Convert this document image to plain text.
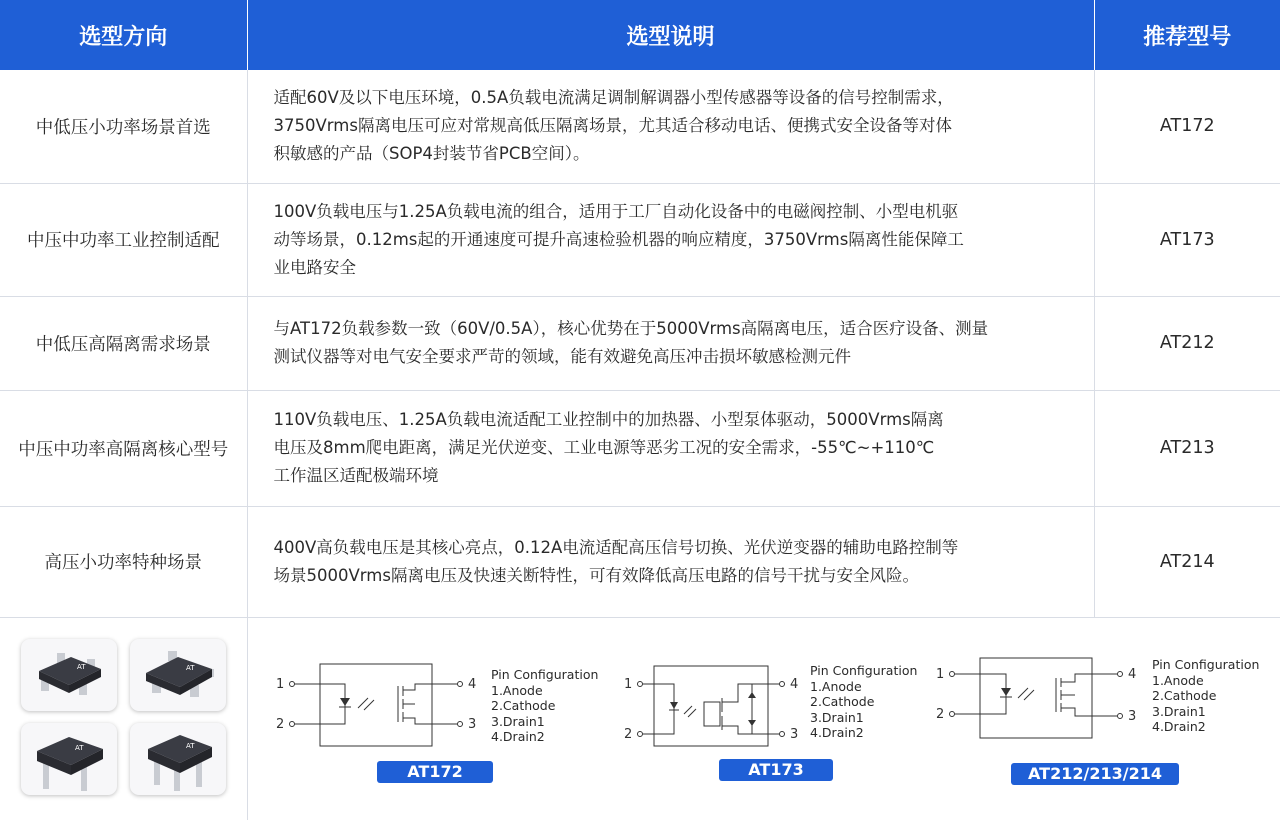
选型方向	选型说明	推荐型号
中低压小功率场景首选	适配60V及以下电压环境，0.5A负载电流满足调制解调器小型传感器等设备的信号控制需求，
3750Vrms隔离电压可应对常规高低压隔离场景，尤其适合移动电话、便携式安全设备等对体
积敏感的产品（SOP4封装节省PCB空间）。	AT172
中压中功率工业控制适配	100V负载电压与1.25A负载电流的组合，适用于工厂自动化设备中的电磁阀控制、小型电机驱
动等场景，0.12ms起的开通速度可提升高速检验机器的响应精度，3750Vrms隔离性能保障工
业电路安全	AT173
中低压高隔离需求场景	与AT172负载参数一致（60V/0.5A），核心优势在于5000Vrms高隔离电压，适合医疗设备、测量
测试仪器等对电气安全要求严苛的领域，能有效避免高压冲击损坏敏感检测元件	AT212
中压中功率高隔离核心型号	110V负载电压、1.25A负载电流适配工业控制中的加热器、小型泵体驱动，5000Vrms隔离
电压及8mm爬电距离，满足光伏逆变、工业电源等恶劣工况的安全需求，-55℃~+110℃
工作温区适配极端环境	AT213
高压小功率特种场景	400V高负载电压是其核心亮点，0.12A电流适配高压信号切换、光伏逆变器的辅助电路控制等
场景5000Vrms隔离电压及快速关断特性，可有效降低高压电路的信号干扰与安全风险。	AT214
AT	AT
AT	AT
1
2
4
3
Pin Configuration
1.Anode
2.Cathode
3.Drain1
4.Drain2
AT172
1
2
4
3
Pin Configuration
1.Anode
2.Cathode
3.Drain1
4.Drain2
AT173
1
2
4
3
Pin Configuration
1.Anode
2.Cathode
3.Drain1
4.Drain2
AT212/213/214
